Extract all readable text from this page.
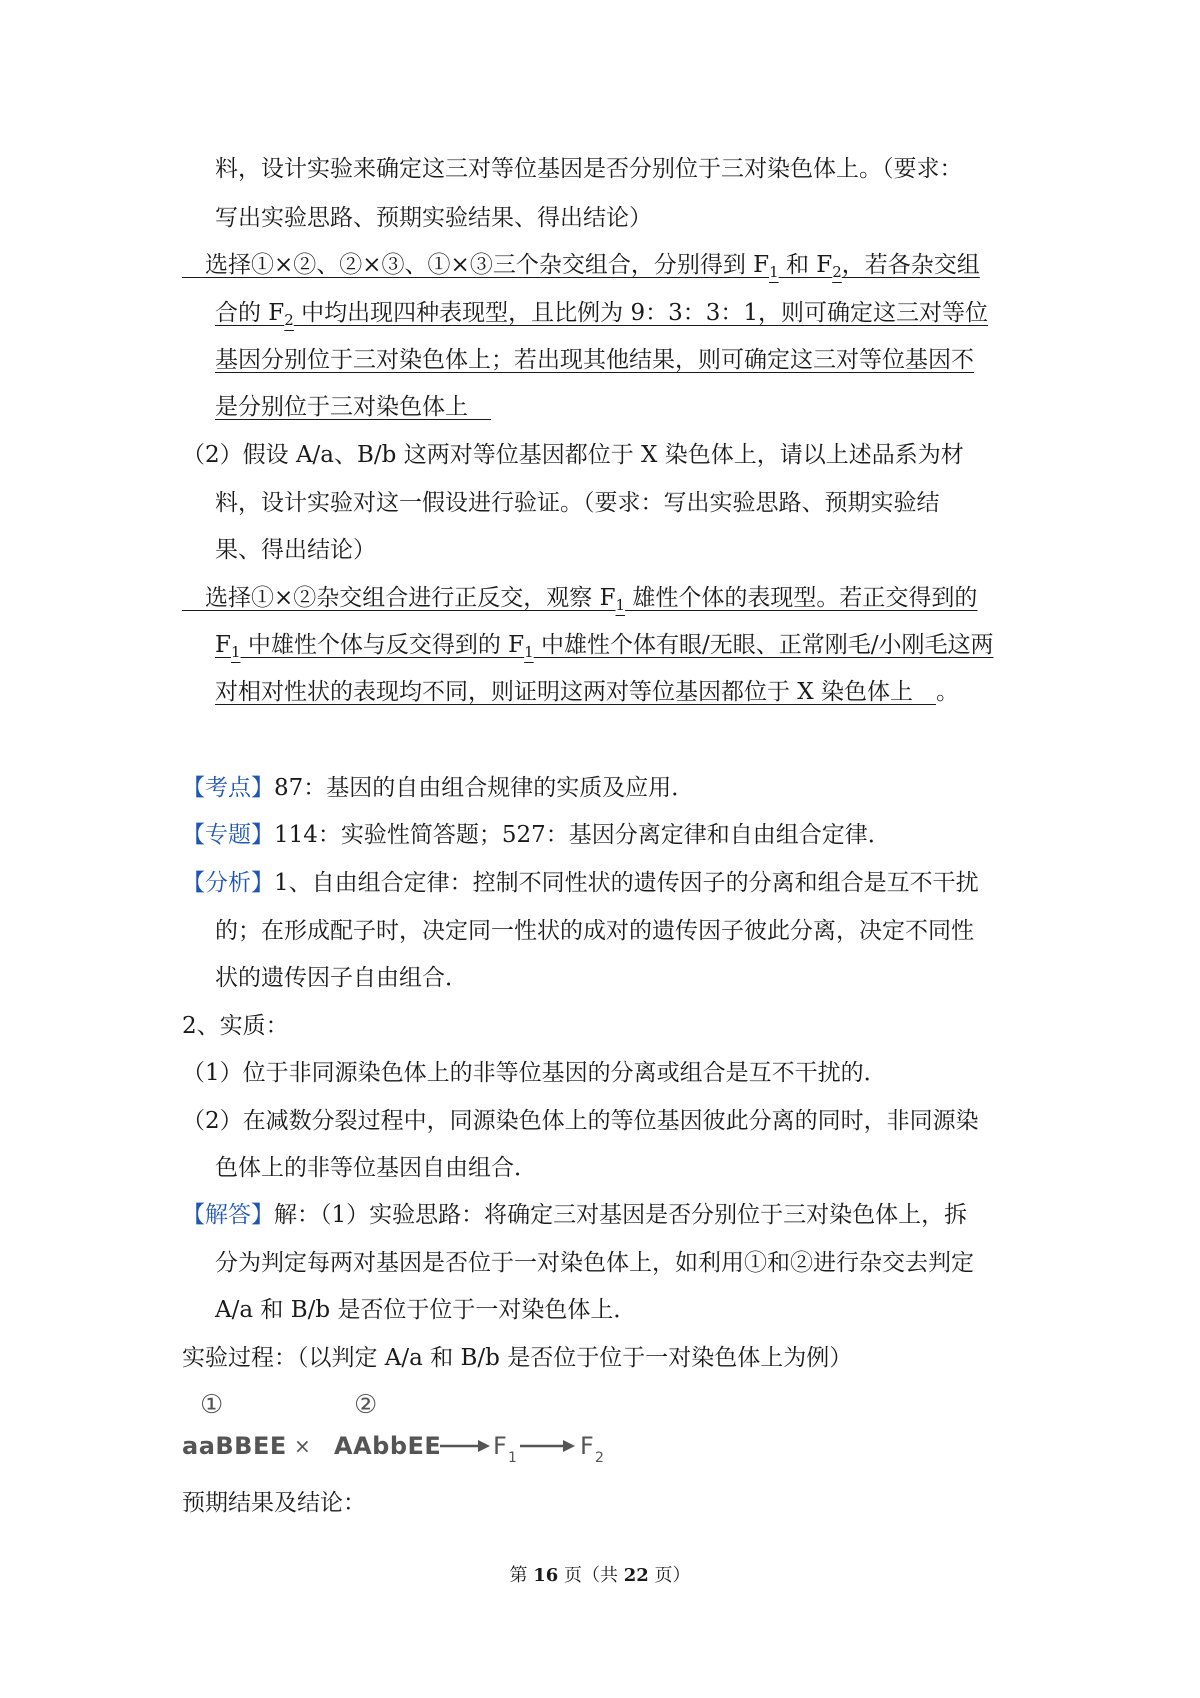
料，设计实验来确定这三对等位基因是否分别位于三对染色体上。（要求：
写出实验思路、预期实验结果、得出结论）
　选择①×②、②×③、①×③三个杂交组合，分别得到 $F_1$ 和 $F_2$，若各杂交组
合的 $F_2$ 中均出现四种表现型，且比例为 9：3：3：1，则可确定这三对等位
基因分别位于三对染色体上；若出现其他结果，则可确定这三对等位基因不
是分别位于三对染色体上　
（2）假设 A/a、B/b 这两对等位基因都位于 X 染色体上，请以上述品系为材
料，设计实验对这一假设进行验证。（要求：写出实验思路、预期实验结
果、得出结论）
　选择①×②杂交组合进行正反交，观察 $F_1$ 雄性个体的表现型。若正交得到的
$F_1$ 中雄性个体与反交得到的 $F_1$ 中雄性个体有眼/无眼、正常刚毛/小刚毛这两
对相对性状的表现均不同，则证明这两对等位基因都位于 X 染色体上　。
【考点】87：基因的自由组合规律的实质及应用．
【专题】114：实验性简答题；527：基因分离定律和自由组合定律．
【分析】1、自由组合定律：控制不同性状的遗传因子的分离和组合是互不干扰
的；在形成配子时，决定同一性状的成对的遗传因子彼此分离，决定不同性
状的遗传因子自由组合．
2、实质：
（1）位于非同源染色体上的非等位基因的分离或组合是互不干扰的．
（2）在减数分裂过程中，同源染色体上的等位基因彼此分离的同时，非同源染
色体上的非等位基因自由组合．
【解答】解：（1）实验思路：将确定三对基因是否分别位于三对染色体上，拆
分为判定每两对基因是否位于一对染色体上，如利用①和②进行杂交去判定
A/a 和 B/b 是否位于位于一对染色体上．
实验过程：（以判定 A/a 和 B/b 是否位于位于一对染色体上为例）
①	②
aaBBEE × AAbbEE F 1	F 2
预期结果及结论：
第 16 页（共 22 页）
